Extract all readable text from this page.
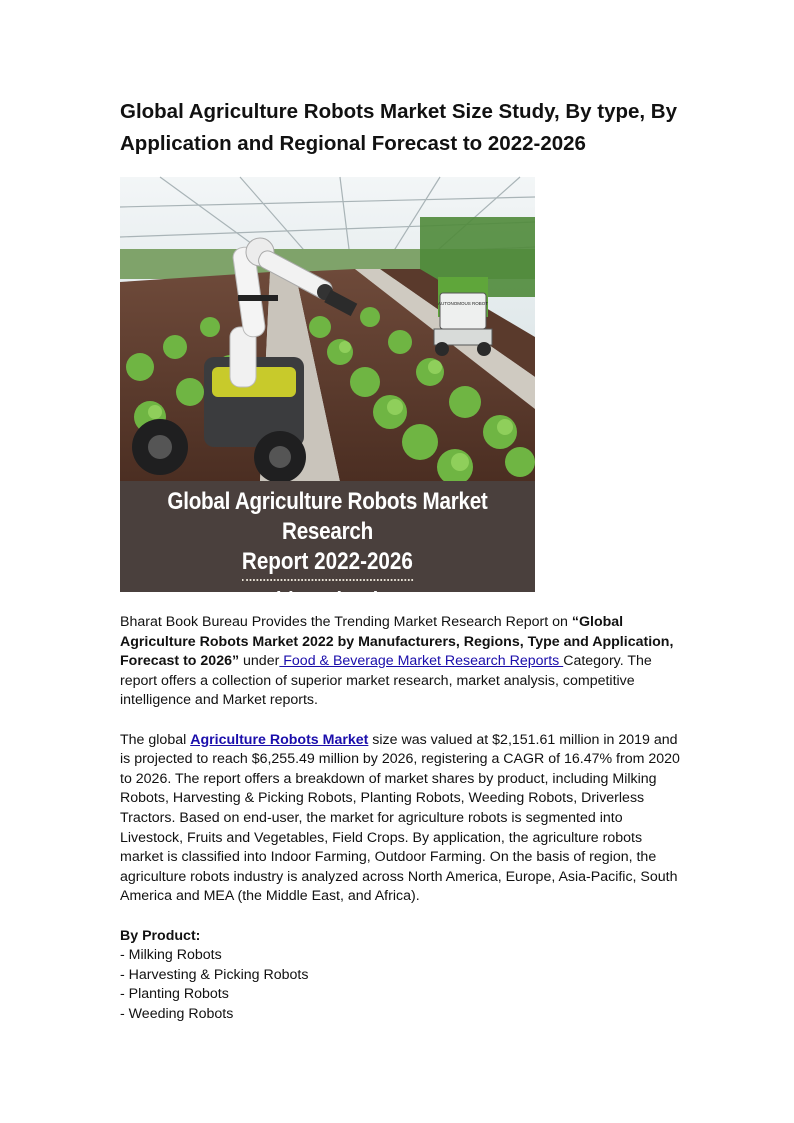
Global Agriculture Robots Market Size Study, By type, By Application and Regional Forecast to 2022-2026
AUTONOMOUS ROBOT
Global Agriculture Robots Market Research
Report 2022-2026
www.bharatbook.com

Bharat Book Bureau Provides the Trending Market Research Report on “Global Agriculture Robots Market 2022 by Manufacturers, Regions, Type and Application, Forecast to 2026” under Food & Beverage Market Research Reports Category. The report offers a collection of superior market research, market analysis, competitive intelligence and Market reports.

The global Agriculture Robots Market size was valued at $2,151.61 million in 2019 and is projected to reach $6,255.49 million by 2026, registering a CAGR of 16.47% from 2020 to 2026. The report offers a breakdown of market shares by product, including Milking Robots, Harvesting & Picking Robots, Planting Robots, Weeding Robots, Driverless Tractors. Based on end-user, the market for agriculture robots is segmented into Livestock, Fruits and Vegetables, Field Crops. By application, the agriculture robots market is classified into Indoor Farming, Outdoor Farming. On the basis of region, the agriculture robots industry is analyzed across North America, Europe, Asia-Pacific, South America and MEA (the Middle East, and Africa).

By Product:

- Milking Robots
- Harvesting & Picking Robots
- Planting Robots
- Weeding Robots
